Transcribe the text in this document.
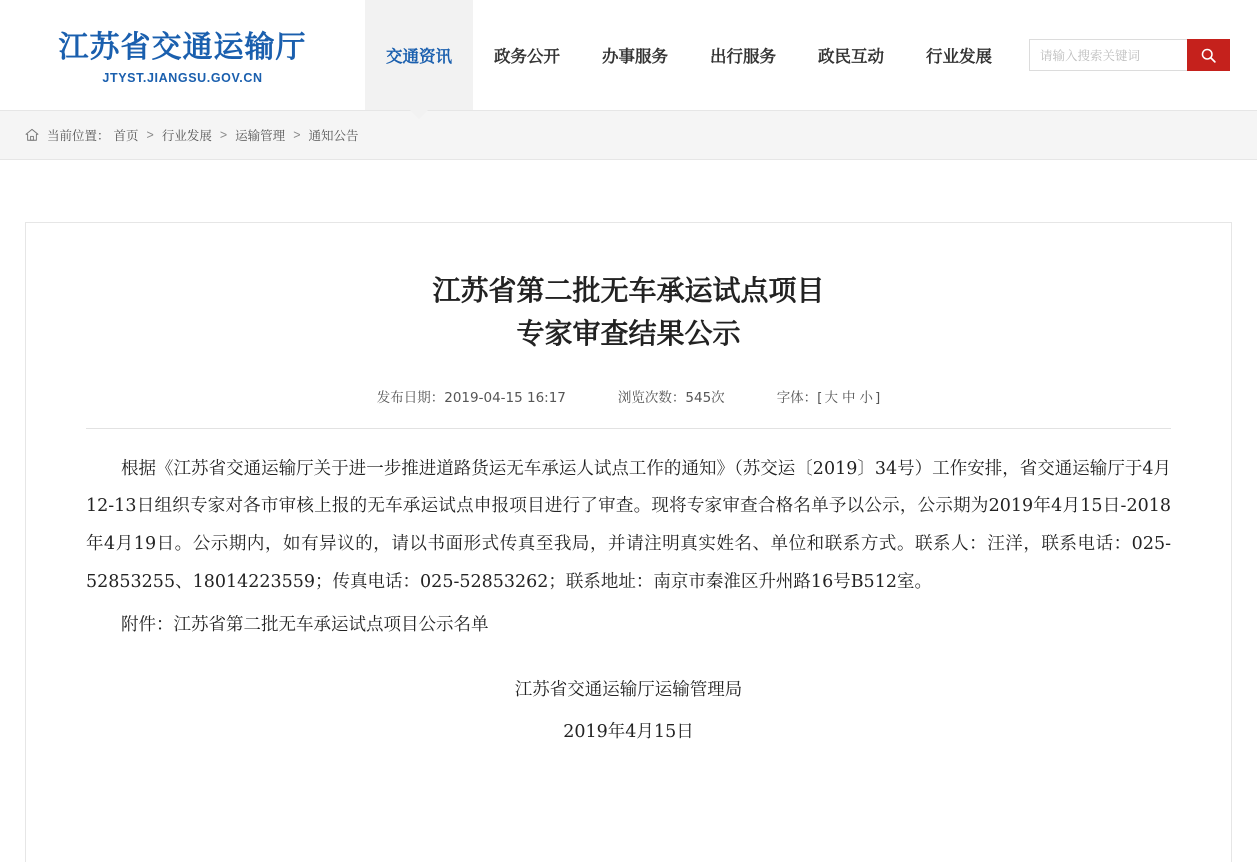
江苏省交通运输厅
JTYST.JIANGSU.GOV.CN
交通资讯	政务公开	办事服务	出行服务	政民互动	行业发展
请输入搜索关键词
当前位置： 首页 > 行业发展 > 运输管理 > 通知公告
江苏省第二批无车承运试点项目
专家审查结果公示
发布日期：2019-04-15 16:17	浏览次数：545次	字体：[ 大 中 小 ]

根据《江苏省交通运输厅关于进一步推进道路货运无车承运人试点工作的通知》（苏交运〔2019〕34号）工作安排，省交通运输厅于4月12-13日组织专家对各市审核上报的无车承运试点申报项目进行了审查。现将专家审查合格名单予以公示，公示期为2019年4月15日-2018年4月19日。公示期内，如有异议的，请以书面形式传真至我局，并请注明真实姓名、单位和联系方式。联系人：汪洋，联系电话：025-52853255、18014223559；传真电话：025-52853262；联系地址：南京市秦淮区升州路16号B512室。

附件：江苏省第二批无车承运试点项目公示名单

江苏省交通运输厅运输管理局
2019年4月15日
